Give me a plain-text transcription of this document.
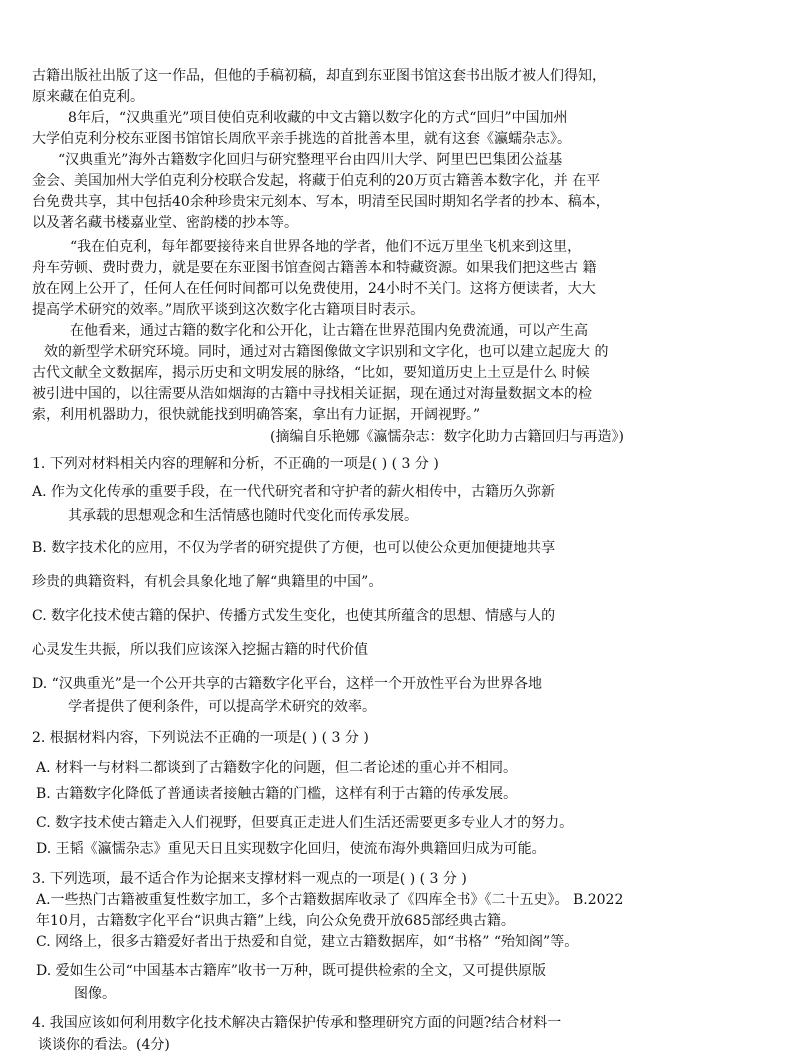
古籍出版社出版了这一作品，但他的手稿初稿，却直到东亚图书馆这套书出版才被人们得知，
原来藏在伯克利。
8年后，“汉典重光”项目使伯克利收藏的中文古籍以数字化的方式“回归”中国加州
大学伯克利分校东亚图书馆馆长周欣平亲手挑选的首批善本里，就有这套《瀛蠕杂志》。
“汉典重光”海外古籍数字化回归与研究整理平台由四川大学、阿里巴巴集团公益基
金会、美国加州大学伯克利分校联合发起，将藏于伯克利的20万页古籍善本数字化，并 在平
台免费共享，其中包括40余种珍贵宋元刻本、写本，明清至民国时期知名学者的抄本、稿本，
以及著名藏书楼嘉业堂、密韵楼的抄本等。
“我在伯克利，每年都要接待来自世界各地的学者，他们不远万里坐飞机来到这里，
舟车劳顿、费时费力，就是要在东亚图书馆查阅古籍善本和特藏资源。如果我们把这些古 籍
放在网上公开了，任何人在任何时间都可以免费使用，24小时不关门。这将方便读者，大大
提高学术研究的效率。”周欣平谈到这次数字化古籍项目时表示。
在他看来，通过古籍的数字化和公开化，让古籍在世界范围内免费流通，可以产生高
效的新型学术研究环境。同时，通过对古籍图像做文字识别和文字化，也可以建立起庞大 的
古代文献全文数据库，揭示历史和文明发展的脉络，“比如，要知道历史上土豆是什么 时候
被引进中国的，以往需要从浩如烟海的古籍中寻找相关证据，现在通过对海量数据文本的检
索，利用机器助力，很快就能找到明确答案，拿出有力证据，开阔视野。”
(摘编自乐艳娜《瀛懦杂志：数字化助力古籍回归与再造》)
1. 下列对材料相关内容的理解和分析，不正确的一项是( ) ( 3 分 )
A. 作为文化传承的重要手段，在一代代研究者和守护者的薪火相传中，古籍历久弥新
其承载的思想观念和生活情感也随时代变化而传承发展。
B. 数字技术化的应用，不仅为学者的研究提供了方便，也可以使公众更加便捷地共享
珍贵的典籍资料，有机会具象化地了解“典籍里的中国”。
C. 数字化技术使古籍的保护、传播方式发生变化，也使其所蕴含的思想、情感与人的
心灵发生共振，所以我们应该深入挖掘古籍的时代价值
D. “汉典重光”是一个公开共享的古籍数字化平台，这样一个开放性平台为世界各地
学者提供了便利条件，可以提高学术研究的效率。
2. 根据材料内容，下列说法不正确的一项是( ) ( 3 分 )
A. 材料一与材料二都谈到了古籍数字化的问题，但二者论述的重心并不相同。
B. 古籍数字化降低了普通读者接触古籍的门槛，这样有利于古籍的传承发展。
C. 数字技术使古籍走入人们视野，但要真正走进人们生活还需要更多专业人才的努力。
D. 王韬《瀛懦杂志》重见天日且实现数字化回归，使流布海外典籍回归成为可能。
3. 下列选项，最不适合作为论据来支撑材料一观点的一项是( ) ( 3 分 )
A.一些热门古籍被重复性数字加工，多个古籍数据库收录了《四库全书》《二十五史》。 B.2022
年10月，古籍数字化平台“识典古籍”上线，向公众免费开放685部经典古籍。
C. 网络上，很多古籍爱好者出于热爱和自觉，建立古籍数据库，如“书格” “殆知阁”等。
D. 爱如生公司“中国基本古籍库”收书一万种，既可提供检索的全文，又可提供原版
图像。
4. 我国应该如何利用数字化技术解决古籍保护传承和整理研究方面的问题?结合材料一
谈谈你的看法。(4分)
